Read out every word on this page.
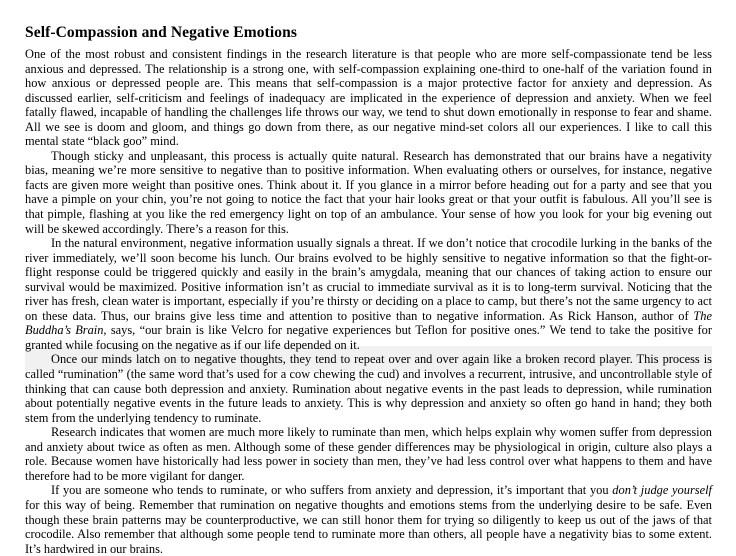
Self-Compassion and Negative Emotions

One of the most robust and consistent findings in the research literature is that people who are more self-compassionate tend be less anxious and depressed. The relationship is a strong one, with self-compassion explaining one-third to one-half of the variation found in how anxious or depressed people are. This means that self-compassion is a major protective factor for anxiety and depression. As discussed earlier, self-criticism and feelings of inadequacy are implicated in the experience of depression and anxiety. When we feel fatally flawed, incapable of handling the challenges life throws our way, we tend to shut down emotionally in response to fear and shame. All we see is doom and gloom, and things go down from there, as our negative mind-set colors all our experiences. I like to call this mental state “black goo” mind.

Though sticky and unpleasant, this process is actually quite natural. Research has demonstrated that our brains have a negativity bias, meaning we’re more sensitive to negative than to positive information. When evaluating others or ourselves, for instance, negative facts are given more weight than positive ones. Think about it. If you glance in a mirror before heading out for a party and see that you have a pimple on your chin, you’re not going to notice the fact that your hair looks great or that your outfit is fabulous. All you’ll see is that pimple, flashing at you like the red emergency light on top of an ambulance. Your sense of how you look for your big evening out will be skewed accordingly. There’s a reason for this.

In the natural environment, negative information usually signals a threat. If we don’t notice that crocodile lurking in the banks of the river immediately, we’ll soon become his lunch. Our brains evolved to be highly sensitive to negative information so that the fight-or-flight response could be triggered quickly and easily in the brain’s amygdala, meaning that our chances of taking action to ensure our survival would be maximized. Positive information isn’t as crucial to immediate survival as it is to long-term survival. Noticing that the river has fresh, clean water is important, especially if you’re thirsty or deciding on a place to camp, but there’s not the same urgency to act on these data. Thus, our brains give less time and attention to positive than to negative information. As Rick Hanson, author of The Buddha’s Brain, says, “our brain is like Velcro for negative experiences but Teflon for positive ones.” We tend to take the positive for granted while focusing on the negative as if our life depended on it.

Once our minds latch on to negative thoughts, they tend to repeat over and over again like a broken record player. This process is called “rumination” (the same word that’s used for a cow chewing the cud) and involves a recurrent, intrusive, and uncontrollable style of thinking that can cause both depression and anxiety. Rumination about negative events in the past leads to depression, while rumination about potentially negative events in the future leads to anxiety. This is why depression and anxiety so often go hand in hand; they both stem from the underlying tendency to ruminate.

Research indicates that women are much more likely to ruminate than men, which helps explain why women suffer from depression and anxiety about twice as often as men. Although some of these gender differences may be physiological in origin, culture also plays a role. Because women have historically had less power in society than men, they’ve had less control over what happens to them and have therefore had to be more vigilant for danger.

If you are someone who tends to ruminate, or who suffers from anxiety and depression, it’s important that you don’t judge yourself for this way of being. Remember that rumination on negative thoughts and emotions stems from the underlying desire to be safe. Even though these brain patterns may be counterproductive, we can still honor them for trying so diligently to keep us out of the jaws of that crocodile. Also remember that although some people tend to ruminate more than others, all people have a negativity bias to some extent. It’s hardwired in our brains.
